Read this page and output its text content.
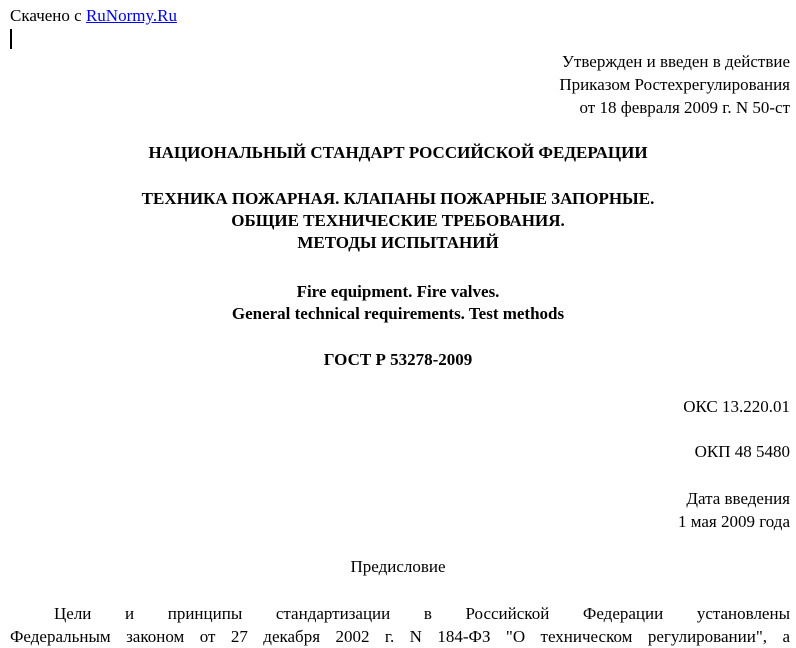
Скачено с RuNormy.Ru
Утвержден и введен в действие
Приказом Ростехрегулирования
от 18 февраля 2009 г. N 50-ст
НАЦИОНАЛЬНЫЙ СТАНДАРТ РОССИЙСКОЙ ФЕДЕРАЦИИ
ТЕХНИКА ПОЖАРНАЯ. КЛАПАНЫ ПОЖАРНЫЕ ЗАПОРНЫЕ.
ОБЩИЕ ТЕХНИЧЕСКИЕ ТРЕБОВАНИЯ.
МЕТОДЫ ИСПЫТАНИЙ
Fire equipment. Fire valves.
General technical requirements. Test methods
ГОСТ Р 53278-2009
ОКС 13.220.01
ОКП 48 5480
Дата введения
1 мая 2009 года
Предисловие
Цели и принципы стандартизации в Российской Федерации установлены
Федеральным законом от 27 декабря 2002 г. N 184-ФЗ "О техническом регулировании", а
